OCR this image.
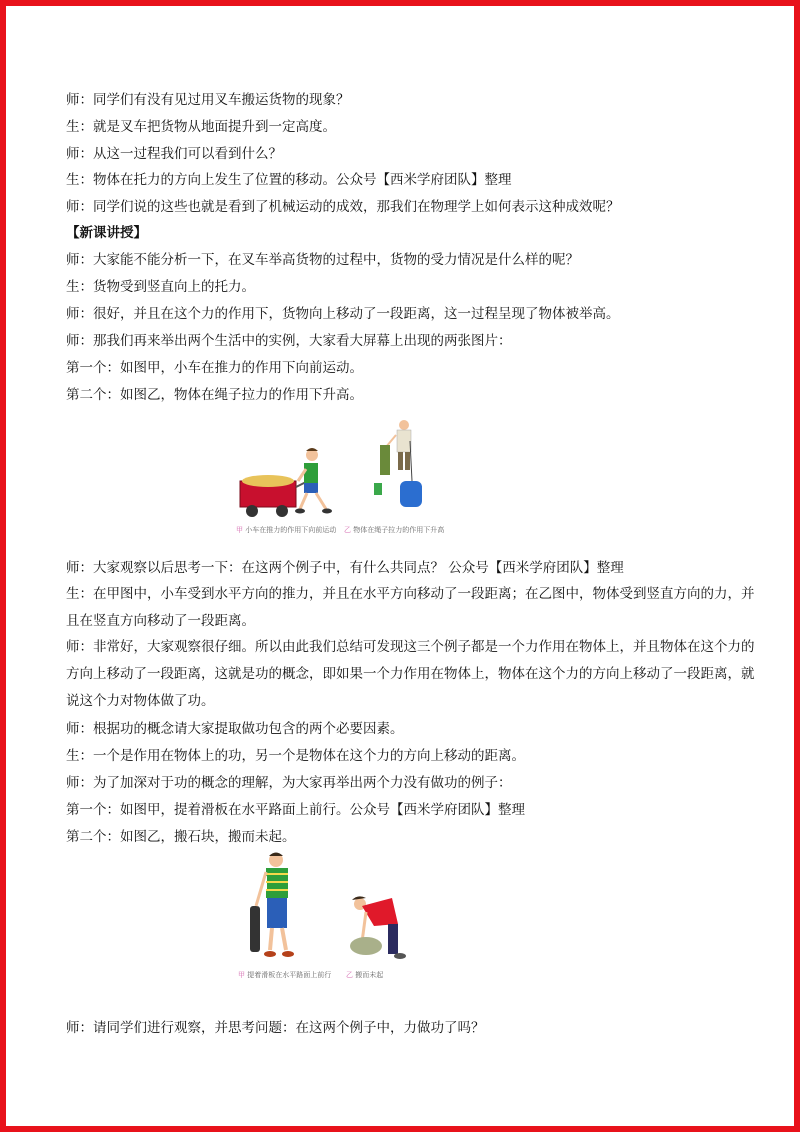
师：同学们有没有见过用叉车搬运货物的现象？
生：就是叉车把货物从地面提升到一定高度。
师：从这一过程我们可以看到什么？
生：物体在托力的方向上发生了位置的移动。公众号【西米学府团队】整理
师：同学们说的这些也就是看到了机械运动的成效，那我们在物理学上如何表示这种成效呢？
【新课讲授】
师：大家能不能分析一下，在叉车举高货物的过程中，货物的受力情况是什么样的呢？
生：货物受到竖直向上的托力。
师：很好，并且在这个力的作用下，货物向上移动了一段距离，这一过程呈现了物体被举高。
师：那我们再来举出两个生活中的实例，大家看大屏幕上出现的两张图片：
第一个：如图甲，小车在推力的作用下向前运动。
第二个：如图乙，物体在绳子拉力的作用下升高。
甲 小车在推力的作用下向前运动 乙 物体在绳子拉力的作用下升高
师：大家观察以后思考一下：在这两个例子中，有什么共同点？ 公众号【西米学府团队】整理
生：在甲图中，小车受到水平方向的推力，并且在水平方向移动了一段距离；在乙图中，物体受到竖直方向的力，并且在竖直方向移动了一段距离。
师：非常好，大家观察很仔细。所以由此我们总结可发现这三个例子都是一个力作用在物体上，并且物体在这个力的方向上移动了一段距离，这就是功的概念，即如果一个力作用在物体上，物体在这个力的方向上移动了一段距离，就说这个力对物体做了功。
师：根据功的概念请大家提取做功包含的两个必要因素。
生：一个是作用在物体上的功，另一个是物体在这个力的方向上移动的距离。
师：为了加深对于功的概念的理解，为大家再举出两个力没有做功的例子：
第一个：如图甲，提着滑板在水平路面上前行。公众号【西米学府团队】整理
第二个：如图乙，搬石块，搬而未起。
甲 提着滑板在水平路面上前行 乙 搬而未起
师：请同学们进行观察，并思考问题：在这两个例子中，力做功了吗？
